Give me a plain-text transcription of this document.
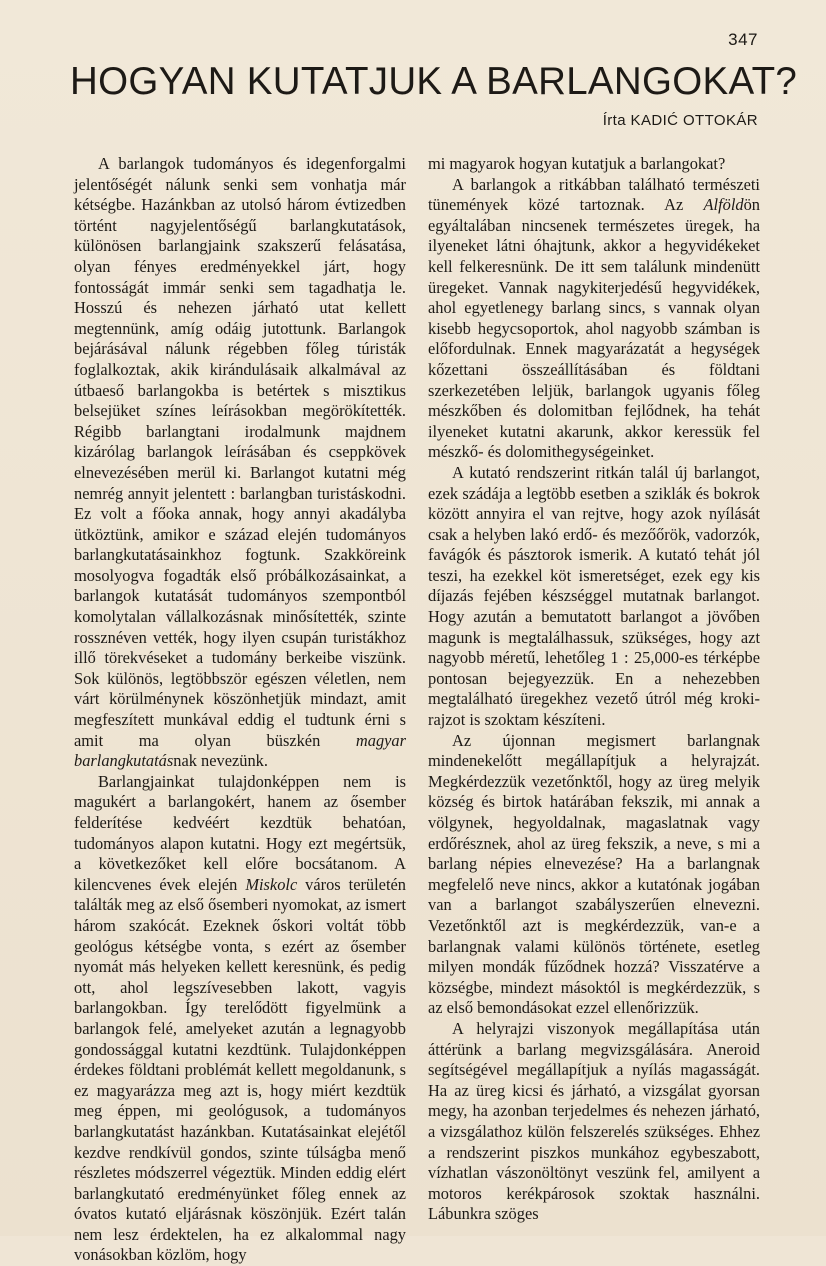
347
HOGYAN KUTATJUK A BARLANGOKAT?
Írta KADIĆ OTTOKÁR

A barlangok tudományos és idegenforgalmi jelentőségét nálunk senki sem vonhatja már kétségbe. Hazánkban az utolsó három évtizedben történt nagyjelentőségű barlangkutatások, különösen barlangjaink szakszerű felásatása, olyan fényes eredményekkel járt, hogy fontosságát immár senki sem tagadhatja le. Hosszú és nehezen járható utat kellett megtennünk, amíg odáig jutottunk. Barlangok bejárásával nálunk régebben főleg túristák foglalkoztak, akik kirándulásaik alkalmával az útbaeső barlangokba is betértek s misztikus belsejüket színes leírásokban megörökítették. Régibb barlangtani irodalmunk majdnem kizárólag barlangok leírásában és cseppkövek elnevezésében merül ki. Barlangot kutatni még nemrég annyit jelentett : barlangban turistáskodni. Ez volt a főoka annak, hogy annyi akadályba ütköztünk, amikor e század elején tudományos barlangkutatásainkhoz fogtunk. Szakköreink mosolyogva fogadták első próbálkozásainkat, a barlangok kutatását tudományos szempontból komolytalan vállalkozásnak minősítették, szinte rossznéven vették, hogy ilyen csupán turistákhoz illő törekvéseket a tudomány berkeibe viszünk. Sok különös, legtöbbször egészen véletlen, nem várt körülménynek köszönhetjük mindazt, amit megfeszített munkával eddig el tudtunk érni s amit ma olyan büszkén magyar barlangkutatásnak nevezünk.

Barlangjainkat tulajdonképpen nem is magukért a barlangokért, hanem az ősember felderítése kedvéért kezdtük behatóan, tudományos alapon kutatni. Hogy ezt megértsük, a következőket kell előre bocsátanom. A kilencvenes évek elején Miskolc város területén találták meg az első ősemberi nyomokat, az ismert három szakócát. Ezeknek őskori voltát több geológus kétségbe vonta, s ezért az ősember nyomát más helyeken kellett keresnünk, és pedig ott, ahol legszívesebben lakott, vagyis barlangokban. Így terelődött figyelmünk a barlangok felé, amelyeket azután a legnagyobb gondossággal kutatni kezdtünk. Tulajdonképpen érdekes földtani problémát kellett megoldanunk, s ez magyarázza meg azt is, hogy miért kezdtük meg éppen, mi geológusok, a tudományos barlangkutatást hazánkban. Kutatásainkat elejétől kezdve rendkívül gondos, szinte túlságba menő részletes módszerrel végeztük. Minden eddig elért barlangkutató eredményünket főleg ennek az óvatos kutató eljárásnak köszönjük. Ezért talán nem lesz érdektelen, ha ez alkalommal nagy vonásokban közlöm, hogy

mi magyarok hogyan kutatjuk a barlangokat?

A barlangok a ritkábban található természeti tünemények közé tartoznak. Az Alföldön egyáltalában nincsenek természetes üregek, ha ilyeneket látni óhajtunk, akkor a hegyvidékeket kell felkeresnünk. De itt sem találunk mindenütt üregeket. Vannak nagykiterjedésű hegyvidékek, ahol egyetlenegy barlang sincs, s vannak olyan kisebb hegycsoportok, ahol nagyobb számban is előfordulnak. Ennek magyarázatát a hegységek kőzettani összeállításában és földtani szerkezetében leljük, barlangok ugyanis főleg mészkőben és dolomitban fejlődnek, ha tehát ilyeneket kutatni akarunk, akkor keressük fel mészkő- és dolomithegységeinket.

A kutató rendszerint ritkán talál új barlangot, ezek szádája a legtöbb esetben a sziklák és bokrok között annyira el van rejtve, hogy azok nyílását csak a helyben lakó erdő- és mezőőrök, vadorzók, favágók és pásztorok ismerik. A kutató tehát jól teszi, ha ezekkel köt ismeretséget, ezek egy kis díjazás fejében készséggel mutatnak barlangot. Hogy azután a bemutatott barlangot a jövőben magunk is megtalálhassuk, szükséges, hogy azt nagyobb méretű, lehetőleg 1 : 25,000-es térképbe pontosan bejegyezzük. En a nehezebben megtalálható üregekhez vezető útról még kroki-rajzot is szoktam készíteni.

Az újonnan megismert barlangnak mindenekelőtt megállapítjuk a helyrajzát. Megkérdezzük vezetőnktől, hogy az üreg melyik község és birtok határában fekszik, mi annak a völgynek, hegyoldalnak, magaslatnak vagy erdőrésznek, ahol az üreg fekszik, a neve, s mi a barlang népies elnevezése? Ha a barlangnak megfelelő neve nincs, akkor a kutatónak jogában van a barlangot szabályszerűen elnevezni. Vezetőnktől azt is megkérdezzük, van-e a barlangnak valami különös története, esetleg milyen mondák fűződnek hozzá? Visszatérve a községbe, mindezt másoktól is megkérdezzük, s az első bemondásokat ezzel ellenőrizzük.

A helyrajzi viszonyok megállapítása után áttérünk a barlang megvizsgálására. Aneroid segítségével megállapítjuk a nyílás magasságát. Ha az üreg kicsi és járható, a vizsgálat gyorsan megy, ha azonban terjedelmes és nehezen járható, a vizsgálathoz külön felszerelés szükséges. Ehhez a rendszerint piszkos munkához egybeszabott, vízhatlan vászonöltönyt veszünk fel, amilyent a motoros kerékpárosok szoktak használni. Lábunkra szöges
